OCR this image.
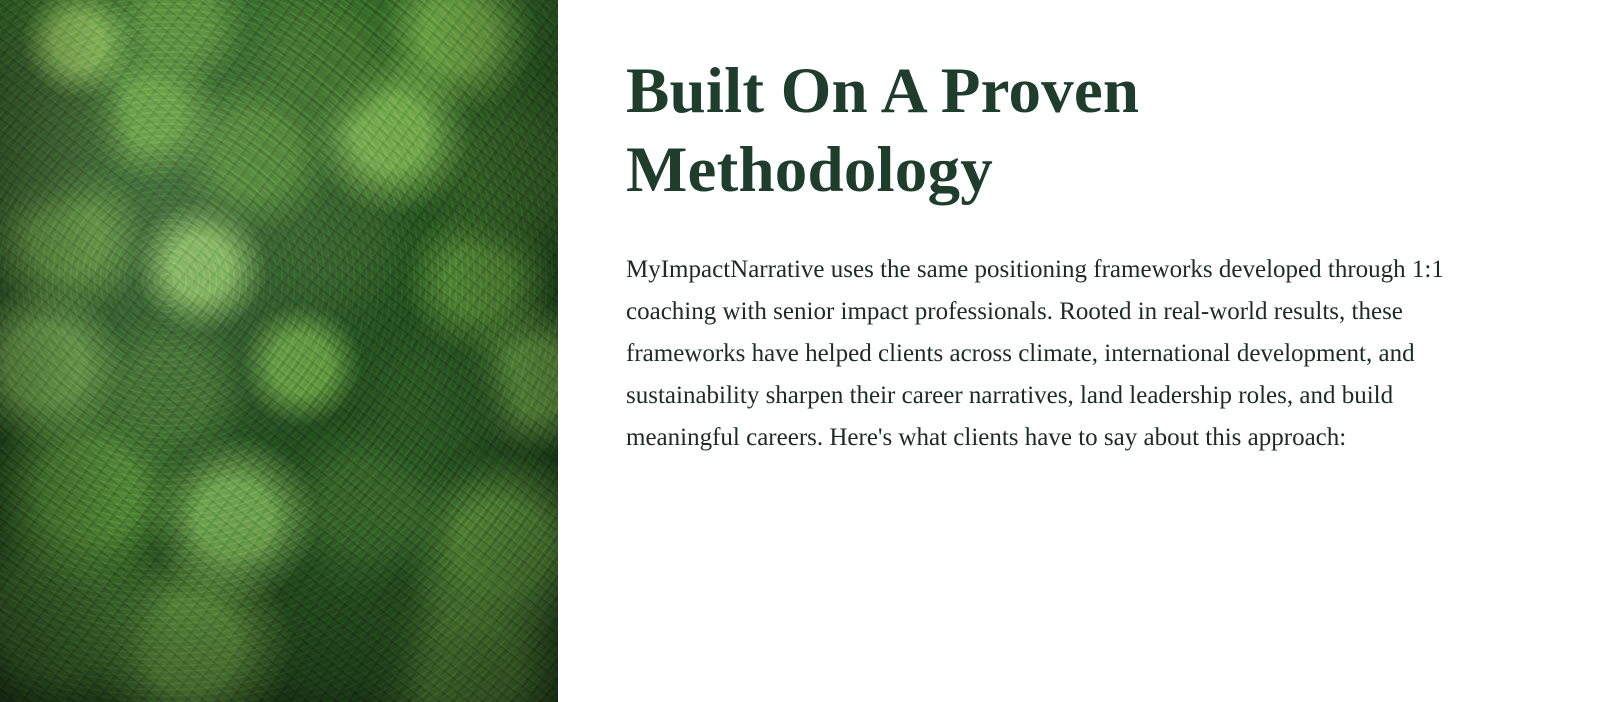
Built On A Proven Methodology

MyImpactNarrative uses the same positioning frameworks developed through 1:1 coaching with senior impact professionals. Rooted in real-world results, these frameworks have helped clients across climate, international development, and sustainability sharpen their career narratives, land leadership roles, and build meaningful careers. Here's what clients have to say about this approach:
